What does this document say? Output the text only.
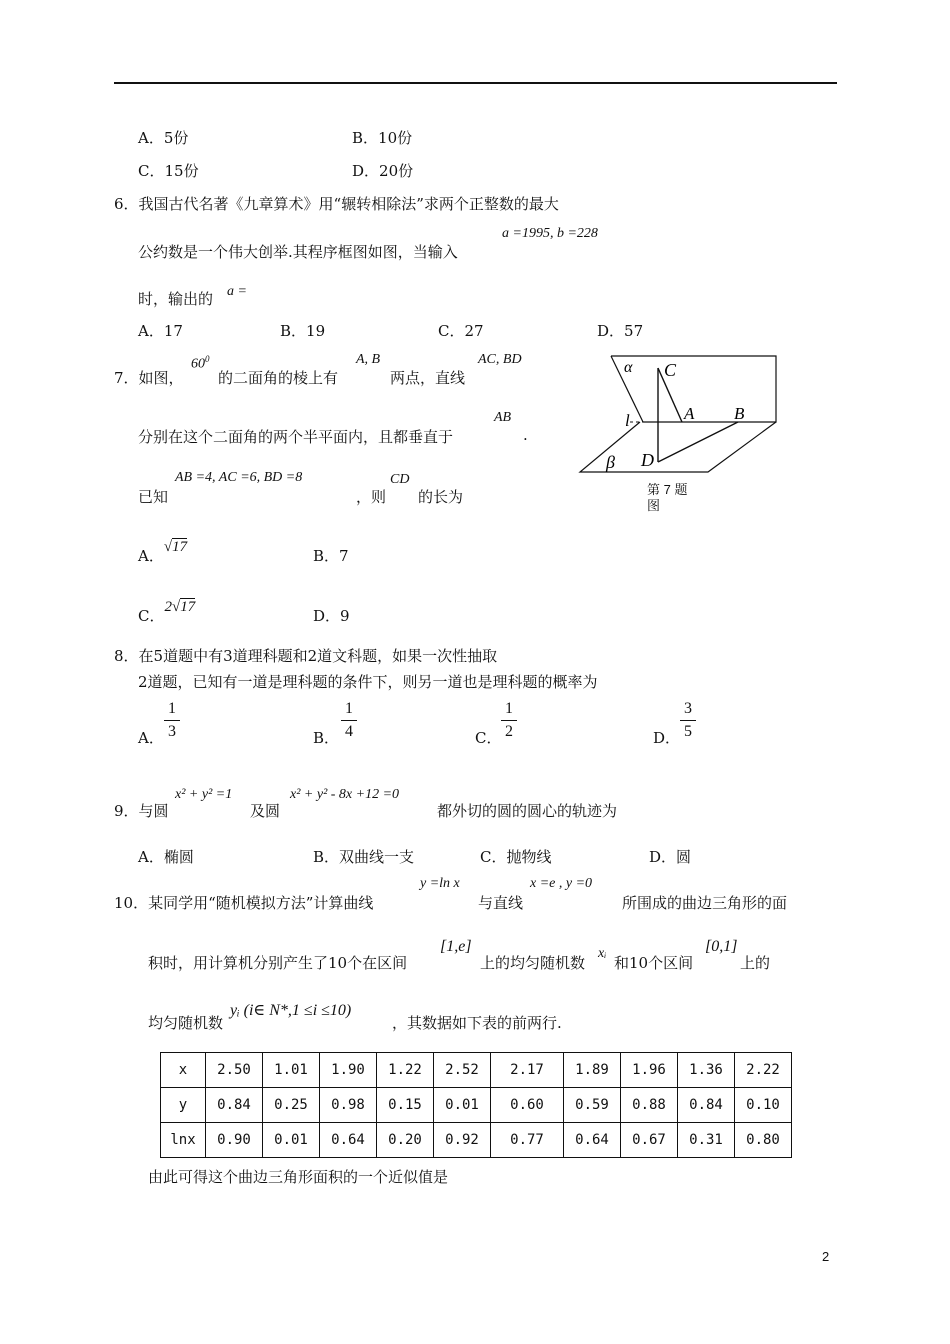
A．5份	B．10份
C．15份	D．20份
6．我国古代名著《九章算术》用“辗转相除法”求两个正整数的最大
公约数是一个伟大创举.其程序框图如图，当输入
a =1995, b =228
时，输出的 a =
A．17	B．19	C．27	D．57
7．如图，
$60^0$
的二面角的棱上有
A, B
两点，直线
AC, BD
分别在这个二面角的两个半平面内，且都垂直于
AB
.
已知
AB =4, AC =6, BD =8
，则
CD
的长为
A．√17	B．7
C．2√17	D．9
α C
A B
l
β D
第 7 题
图
8．在5道题中有3道理科题和2道文科题，如果一次性抽取
2道题，已知有一道是理科题的条件下，则另一道也是理科题的概率为
A．
1
3	B．
1
4	C．
1
2	D．
3
5
9．与圆
x² + y² =1
及圆
x² + y² - 8x +12 =0
都外切的圆的圆心的轨迹为
A．椭圆	B．双曲线一支	C．抛物线	D．圆
10．某同学用“随机模拟方法”计算曲线
y =ln x
与直线
x =e , y =0
所围成的曲边三角形的面
积时，用计算机分别产生了10个在区间
[1,e]
上的均匀随机数
xᵢ
和10个区间
[0,1]
上的
均匀随机数
yᵢ (i∈ N*,1 ≤i ≤10)
，其数据如下表的前两行.
x	2.50	1.01	1.90	1.22	2.52	2.17	1.89	1.96	1.36	2.22
y	0.84	0.25	0.98	0.15	0.01	0.60	0.59	0.88	0.84	0.10
lnx	0.90	0.01	0.64	0.20	0.92	0.77	0.64	0.67	0.31	0.80
由此可得这个曲边三角形面积的一个近似值是
2
